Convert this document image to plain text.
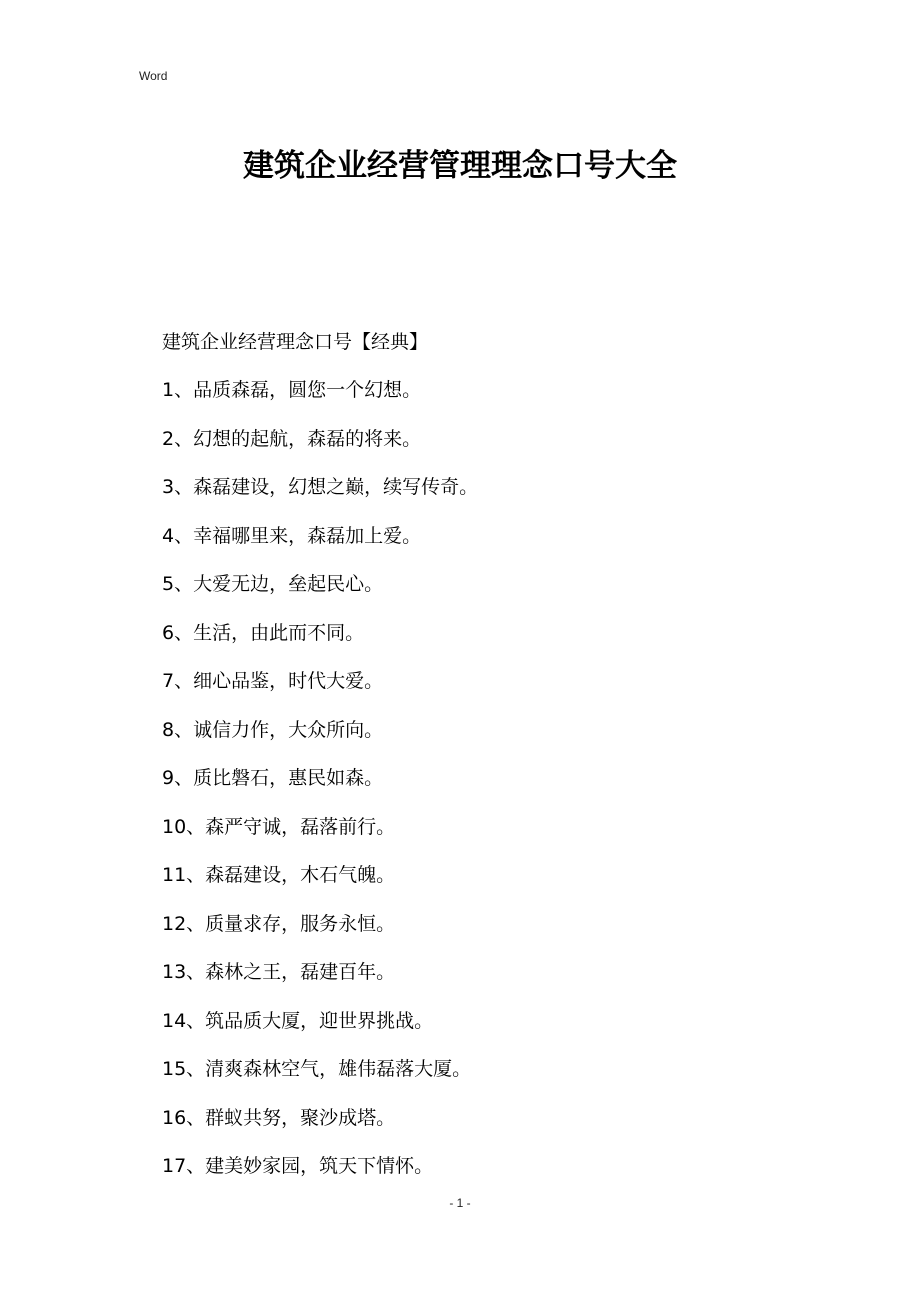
Word
建筑企业经营管理理念口号大全

建筑企业经营理念口号【经典】

1、品质森磊，圆您一个幻想。
2、幻想的起航，森磊的将来。
3、森磊建设，幻想之巅，续写传奇。
4、幸福哪里来，森磊加上爱。
5、大爱无边，垒起民心。
6、生活，由此而不同。
7、细心品鉴，时代大爱。
8、诚信力作，大众所向。
9、质比磐石，惠民如森。
10、森严守诚，磊落前行。
11、森磊建设，木石气魄。
12、质量求存，服务永恒。
13、森林之王，磊建百年。
14、筑品质大厦，迎世界挑战。
15、清爽森林空气，雄伟磊落大厦。
16、群蚁共努，聚沙成塔。
17、建美妙家园，筑天下情怀。
- 1 -
